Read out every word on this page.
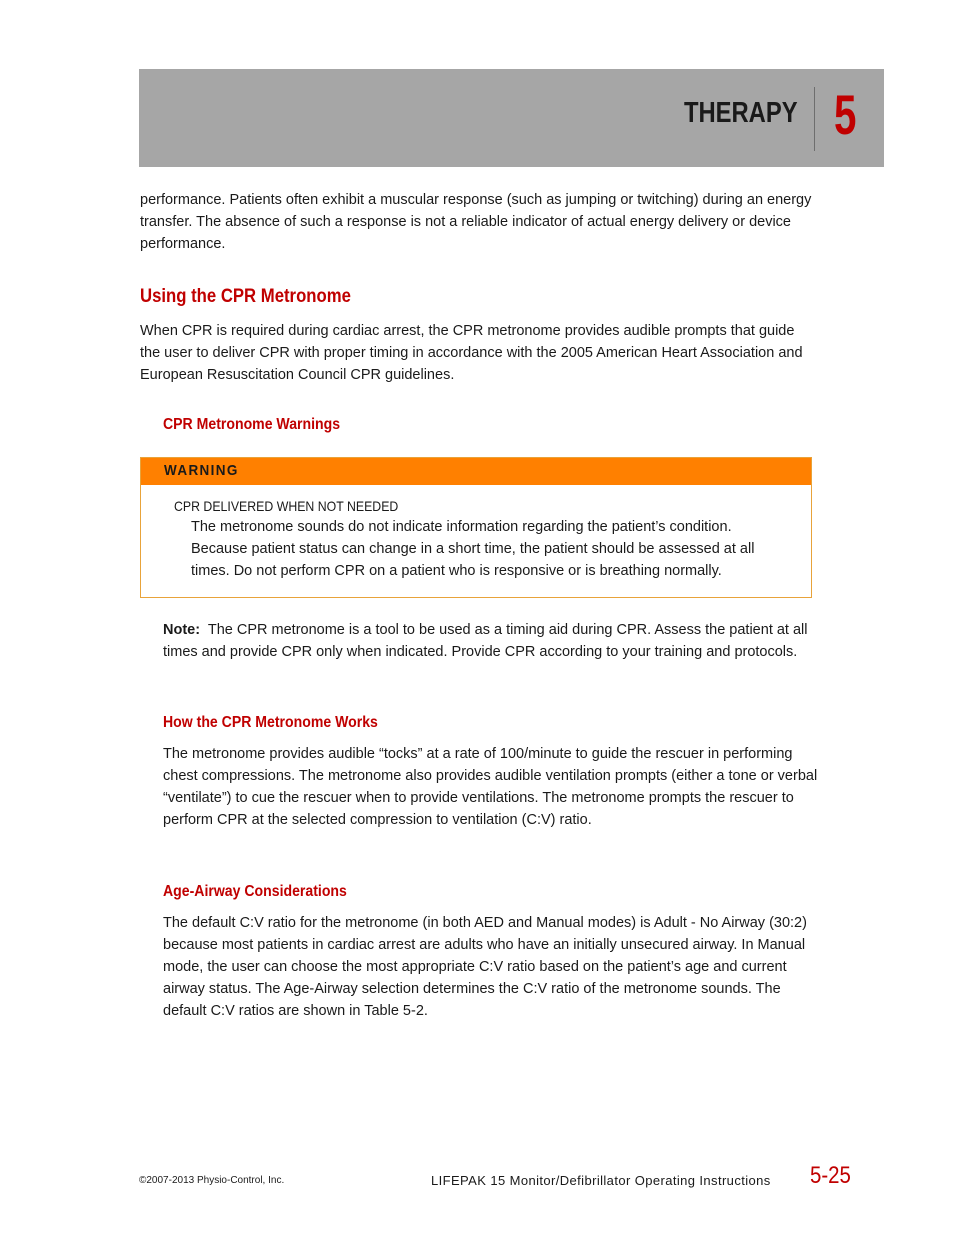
THERAPY 5

performance. Patients often exhibit a muscular response (such as jumping or twitching) during an energy transfer. The absence of such a response is not a reliable indicator of actual energy delivery or device performance.

Using the CPR Metronome

When CPR is required during cardiac arrest, the CPR metronome provides audible prompts that guide the user to deliver CPR with proper timing in accordance with the 2005 American Heart Association and European Resuscitation Council CPR guidelines.

CPR Metronome Warnings
WARNING
CPR DELIVERED WHEN NOT NEEDED

The metronome sounds do not indicate information regarding the patient’s condition. Because patient status can change in a short time, the patient should be assessed at all times. Do not perform CPR on a patient who is responsive or is breathing normally.

Note: The CPR metronome is a tool to be used as a timing aid during CPR. Assess the patient at all times and provide CPR only when indicated. Provide CPR according to your training and protocols.

How the CPR Metronome Works

The metronome provides audible “tocks” at a rate of 100/minute to guide the rescuer in performing chest compressions. The metronome also provides audible ventilation prompts (either a tone or verbal “ventilate”) to cue the rescuer when to provide ventilations. The metronome prompts the rescuer to perform CPR at the selected compression to ventilation (C:V) ratio.

Age-Airway Considerations

The default C:V ratio for the metronome (in both AED and Manual modes) is Adult - No Airway (30:2) because most patients in cardiac arrest are adults who have an initially unsecured airway. In Manual mode, the user can choose the most appropriate C:V ratio based on the patient’s age and current airway status. The Age-Airway selection determines the C:V ratio of the metronome sounds. The default C:V ratios are shown in Table 5-2.

©2007-2013 Physio-Control, Inc.	LIFEPAK 15 Monitor/Defibrillator Operating Instructions 5-25
